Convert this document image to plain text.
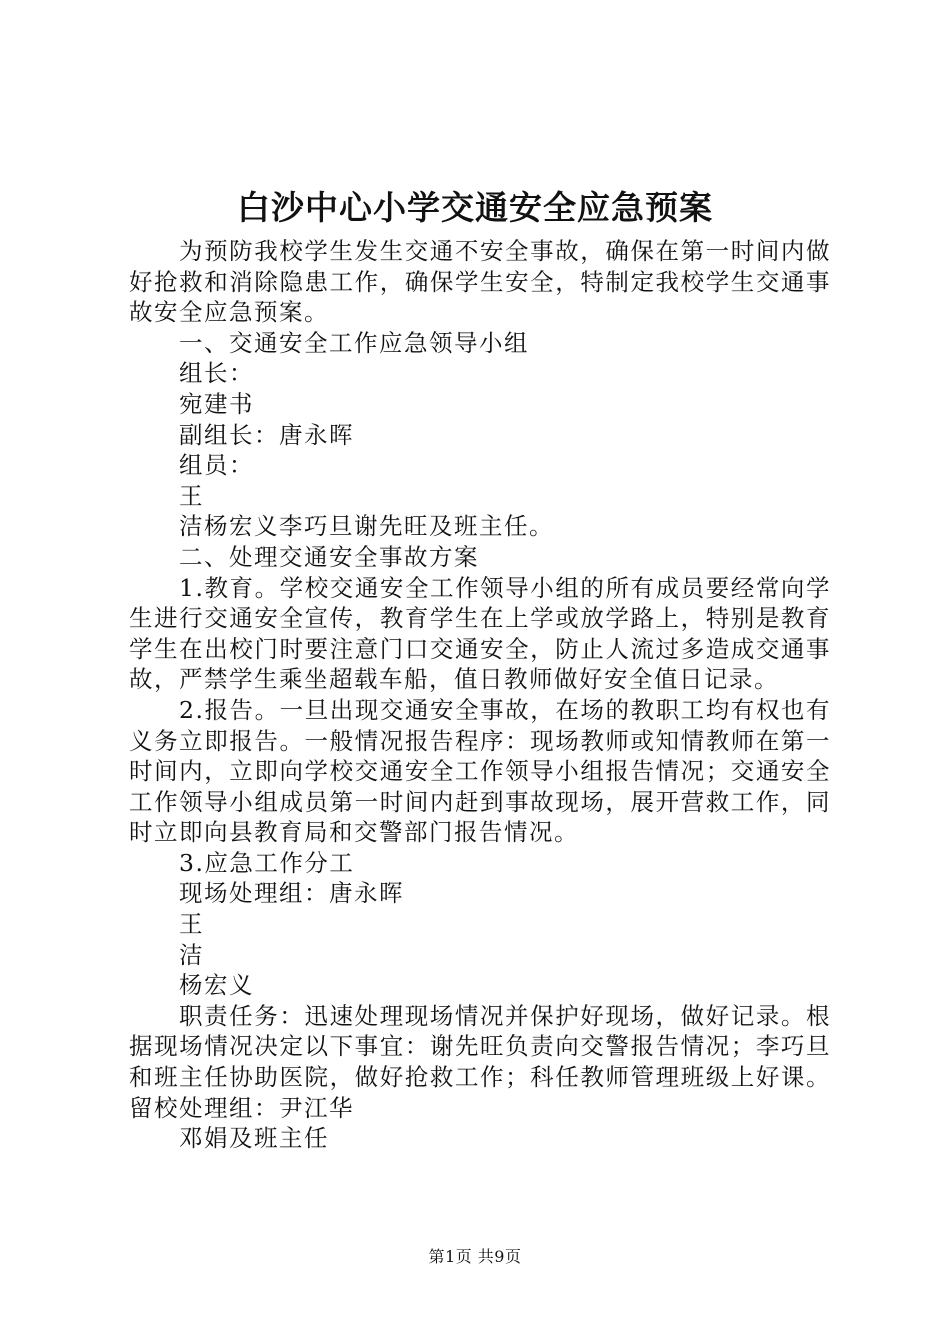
白沙中心小学交通安全应急预案

为预防我校学生发生交通不安全事故，确保在第一时间内做好抢救和消除隐患工作，确保学生安全，特制定我校学生交通事故安全应急预案。

一、交通安全工作应急领导小组

组长：

宛建书

副组长：唐永晖

组员：

王

洁杨宏义李巧旦谢先旺及班主任。

二、处理交通安全事故方案

1.教育。学校交通安全工作领导小组的所有成员要经常向学生进行交通安全宣传，教育学生在上学或放学路上，特别是教育学生在出校门时要注意门口交通安全，防止人流过多造成交通事故，严禁学生乘坐超载车船，值日教师做好安全值日记录。

2.报告。一旦出现交通安全事故，在场的教职工均有权也有义务立即报告。一般情况报告程序：现场教师或知情教师在第一时间内，立即向学校交通安全工作领导小组报告情况；交通安全工作领导小组成员第一时间内赶到事故现场，展开营救工作，同时立即向县教育局和交警部门报告情况。

3.应急工作分工

现场处理组：唐永晖

王

洁

杨宏义

职责任务：迅速处理现场情况并保护好现场，做好记录。根据现场情况决定以下事宜：谢先旺负责向交警报告情况；李巧旦和班主任协助医院，做好抢救工作；科任教师管理班级上好课。留校处理组：尹江华

邓娟及班主任

第1页 共9页
